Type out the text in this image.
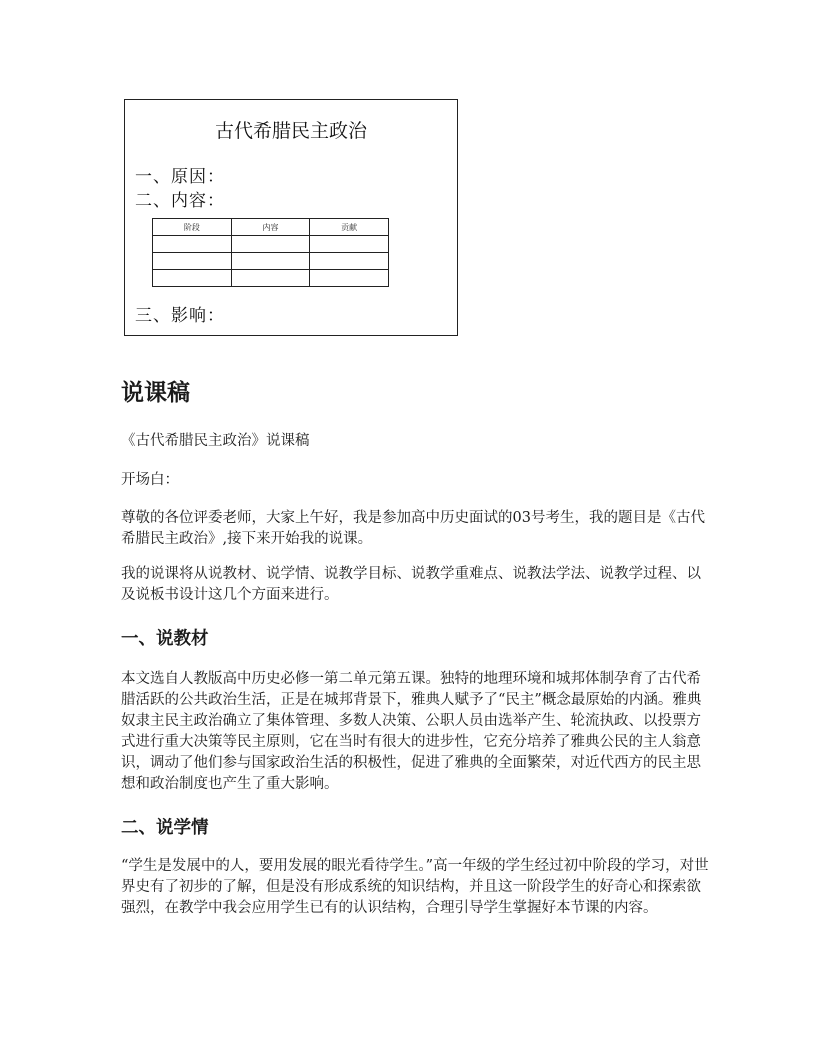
古代希腊民主政治
一、原因：
二、内容：
阶段	内容	贡献

三、影响：
说课稿
《古代希腊民主政治》说课稿
开场白：
尊敬的各位评委老师，大家上午好，我是参加高中历史面试的03号考生，我的题目是《古代希腊民主政治》,接下来开始我的说课。
我的说课将从说教材、说学情、说教学目标、说教学重难点、说教法学法、说教学过程、以及说板书设计这几个方面来进行。
一、说教材
本文选自人教版高中历史必修一第二单元第五课。独特的地理环境和城邦体制孕育了古代希腊活跃的公共政治生活，正是在城邦背景下，雅典人赋予了“民主”概念最原始的内涵。雅典奴隶主民主政治确立了集体管理、多数人决策、公职人员由选举产生、轮流执政、以投票方式进行重大决策等民主原则，它在当时有很大的进步性，它充分培养了雅典公民的主人翁意识，调动了他们参与国家政治生活的积极性，促进了雅典的全面繁荣，对近代西方的民主思想和政治制度也产生了重大影响。
二、说学情
“学生是发展中的人，要用发展的眼光看待学生。”高一年级的学生经过初中阶段的学习，对世界史有了初步的了解，但是没有形成系统的知识结构，并且这一阶段学生的好奇心和探索欲强烈，在教学中我会应用学生已有的认识结构，合理引导学生掌握好本节课的内容。
